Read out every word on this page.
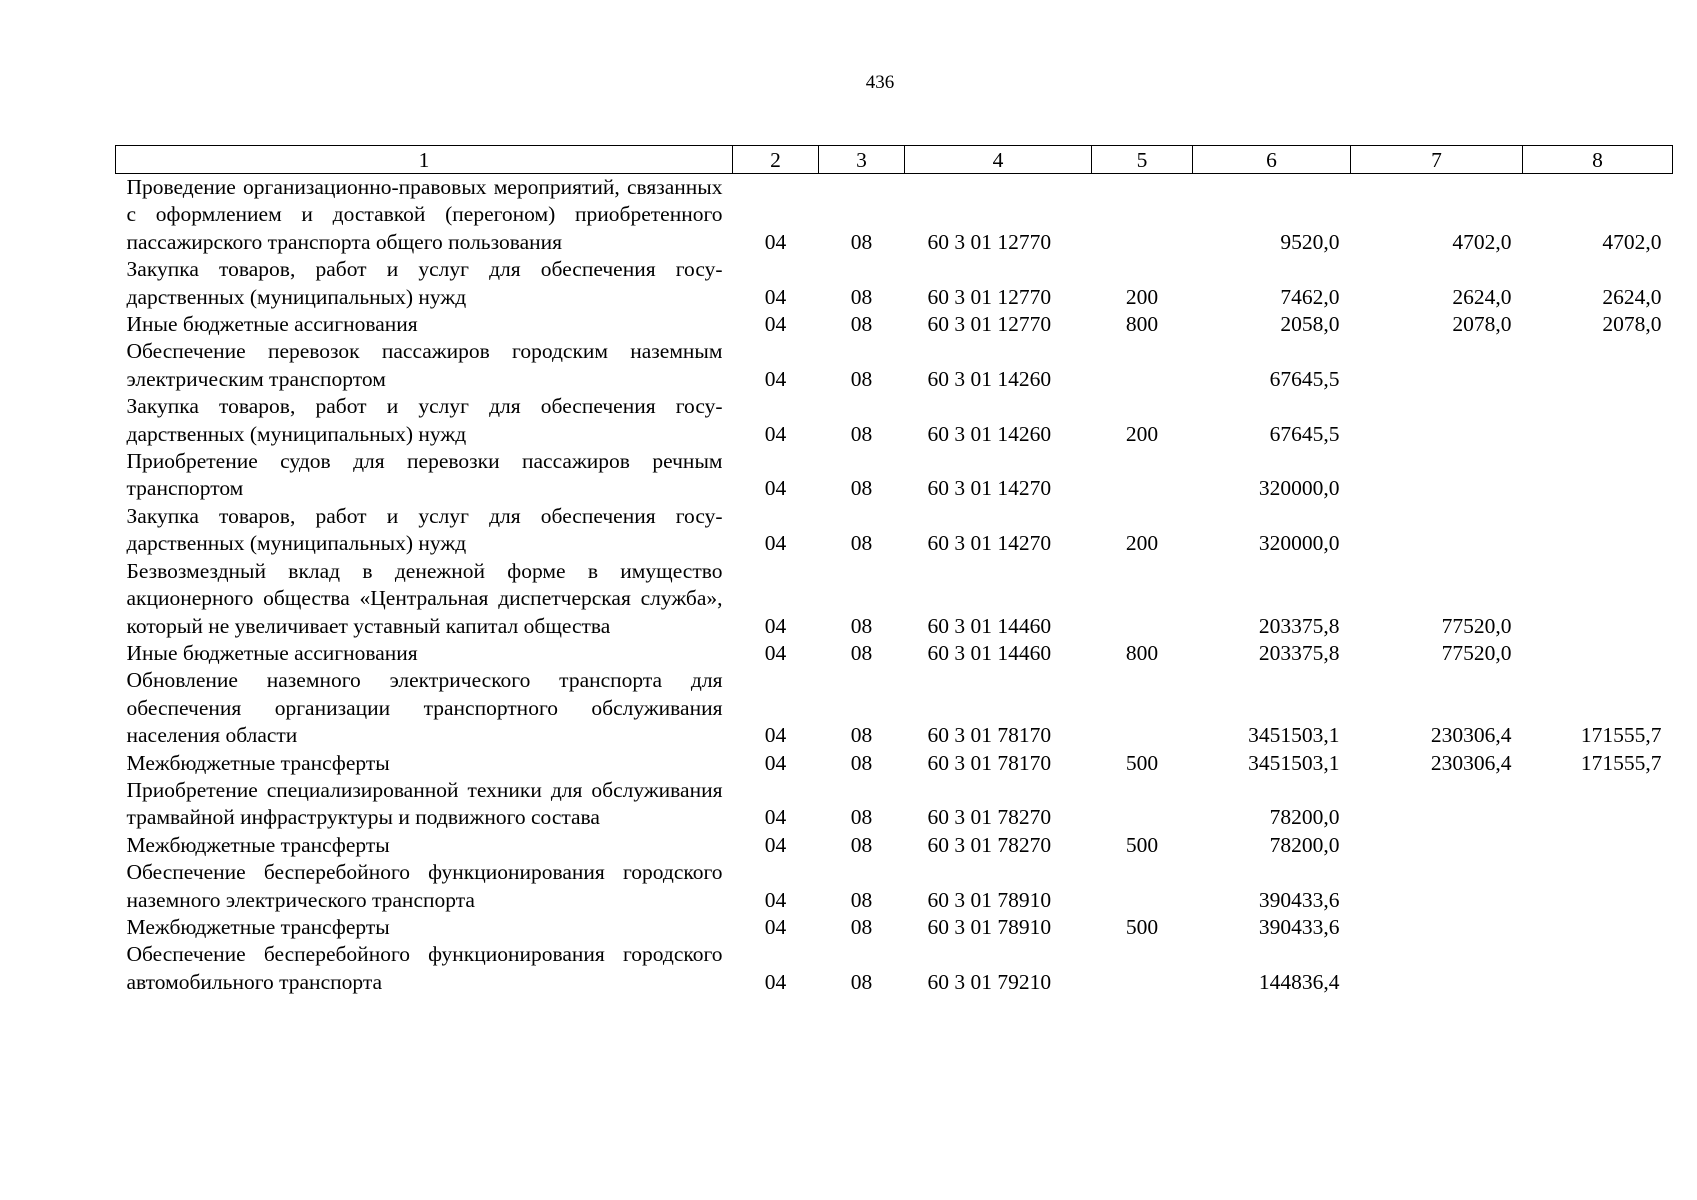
436
1	2	3	4	5	6	7	8
Проведение организационно-правовых мероприятий, связанных с оформлением и доставкой (перегоном) приобретенного пассажирского транспорта общего пользования	04	08	60 3 01 12770		9520,0	4702,0	4702,0
Закупка товаров, работ и услуг для обеспечения государственных (муниципальных) нужд	04	08	60 3 01 12770	200	7462,0	2624,0	2624,0
Иные бюджетные ассигнования	04	08	60 3 01 12770	800	2058,0	2078,0	2078,0
Обеспечение перевозок пассажиров городским наземным электрическим транспортом	04	08	60 3 01 14260		67645,5		
Закупка товаров, работ и услуг для обеспечения государственных (муниципальных) нужд	04	08	60 3 01 14260	200	67645,5		
Приобретение судов для перевозки пассажиров речным транспортом	04	08	60 3 01 14270		320000,0		
Закупка товаров, работ и услуг для обеспечения государственных (муниципальных) нужд	04	08	60 3 01 14270	200	320000,0		
Безвозмездный вклад в денежной форме в имущество акционерного общества «Центральная диспетчерская служба», который не увеличивает уставный капитал общества	04	08	60 3 01 14460		203375,8	77520,0	
Иные бюджетные ассигнования	04	08	60 3 01 14460	800	203375,8	77520,0	
Обновление наземного электрического транспорта для обеспечения организации транспортного обслуживания населения области	04	08	60 3 01 78170		3451503,1	230306,4	171555,7
Межбюджетные трансферты	04	08	60 3 01 78170	500	3451503,1	230306,4	171555,7
Приобретение специализированной техники для обслуживания трамвайной инфраструктуры и подвижного состава	04	08	60 3 01 78270		78200,0		
Межбюджетные трансферты	04	08	60 3 01 78270	500	78200,0		
Обеспечение бесперебойного функционирования городского наземного электрического транспорта	04	08	60 3 01 78910		390433,6		
Межбюджетные трансферты	04	08	60 3 01 78910	500	390433,6		
Обеспечение бесперебойного функционирования городского автомобильного транспорта	04	08	60 3 01 79210		144836,4		
